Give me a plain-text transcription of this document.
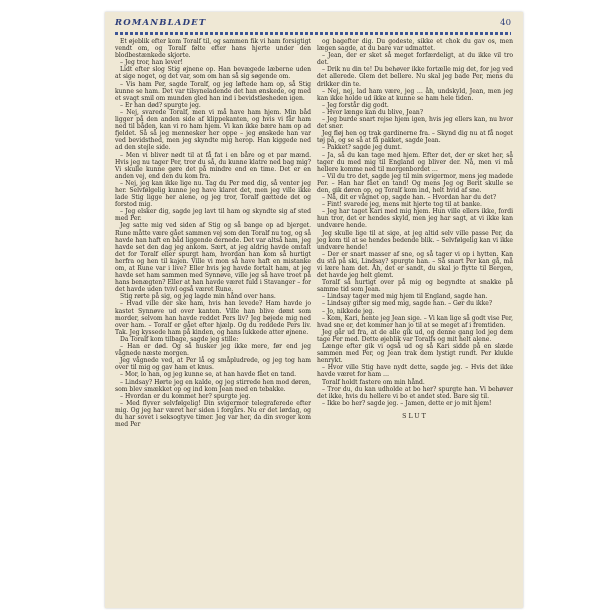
ROMANBLADET	40

Et øjeblik efter kom Toralf til, og sammen fik vi ham forsigtigt vendt om, og Toralf følte efter hans hjerte under den blodbestænkede skjorte.

– Jeg tror, han lever!

Lidt efter slog Stig øjnene op. Han bevægede læberne uden at sige noget, og det var, som om han så sig søgende om.

– Vis ham Per, sagde Toralf, og jeg løftede ham op, så Stig kunne se ham. Det var tilsyneladende det han ønskede, og med et svagt smil om munden gled han ind i bevidstløsheden igen.

– Er han død? spurgte jeg.

– Nej, svarede Toralf, men vi må have ham hjem. Min båd ligger på den anden side af klippekanten, og hvis vi får ham ned til båden, kan vi ro ham hjem. Vi kan ikke bære ham op ad fjeldet. Så så jeg mennesker her oppe – jeg ønskede han var ved bevidsthed, men jeg skyndte mig herop. Han kiggede ned ad den stejle side.

– Men vi bliver nødt til at få fat i en båre og et par mænd. Hvis jeg nu tager Per, tror du så, du kunne klatre ned bag mig? Vi skulle kunne gøre det på mindre end en time. Det er en anden vej, end den du kom fra.

– Nej, jeg kan ikke lige nu. Tag du Per med dig, så venter jeg her. Selvfølgelig kunne jeg have klaret det, men jeg ville ikke lade Stig ligge her alene, og jeg tror, Toralf gættede det og forstod mig.

– Jeg elsker dig, sagde jeg lavt til ham og skyndte sig af sted med Per.

Jeg satte mig ved siden af Stig og så bange op ad bjerget. Rune måtte være gået sammen vej som den Toralf nu tog, og så havde han haft en båd liggende dernede. Det var altså ham, jeg havde set den dag jeg ankom. Sært, at jeg aldrig havde omtalt det for Toralf eller spurgt ham, hvordan han kom så hurtigt herfra og hen til kajen. Ville vi mon så have haft en mistanke om, at Rune var i live? Eller hvis jeg havde fortalt ham, at jeg havde set ham sammen med Synnøve, ville jeg så have troet på hans benægten? Eller at han havde været fuld i Stavanger – for det havde uden tvivl også været Rune.

Stig rørte på sig, og jeg lagde min hånd over hans.

– Hvad ville der ske ham, hvis han levede? Ham havde jo kastet Synnøve ud over kanten. Ville han blive dømt som morder, selvom han havde reddet Pers liv? Jeg bøjede mig ned over ham. – Toralf er gået efter hjælp. Og du reddede Pers liv. Tak. Jeg kyssede ham på kinden, og hans lukkede atter øjnene.

Da Toralf kom tilbage, sagde jeg stille:

– Han er død. Og så husker jeg ikke mere, før end jeg vågnede næste morgen.

Jeg vågnede ved, at Per lå og småpludrede, og jeg tog ham over til mig og gav ham et knus.

– Mor, lo han, og jeg kunne se, at han havde fået en tand.

– Lindsay? Hørte jeg en kalde, og jeg stirrede hen mod døren, som blev smækket op og ind kom Jean med en tebakke.

– Hvordan er du kommet her? spurgte jeg.

– Med flyver selvfølgelig! Din svigermor telegraferede efter mig. Og jeg har været her siden i forgårs. Nu er det lørdag, og du har sovet i seksogtyve timer. Jeg var her, da din svoger kom med Per

og bagefter dig. Du godeste, sikke et chok du gav os, men lægen sagde, at du bare var udmattet.

– Jean, der er sket så meget forfærdeligt, at du ikke vil tro det.

– Drik nu din te! Du behøver ikke fortælle mig det, for jeg ved det allerede. Glem det bellere. Nu skal jeg bade Per, mens du drikker din te.

– Nej, nej, lad ham være, jeg … åh, undskyld, Jean, men jeg kan ikke holde ud ikke at kunne se ham hele tiden.

– Jeg forstår dig godt.

– Hvor længe kan du blive, Jean?

– Jeg burde snart rejse hjem igen, hvis jeg ellers kan, nu hvor det sner.

Jeg fløj hen og trak gardinerne fra. – Skynd dig nu at få noget tøj på, og se så at få pakket, sagde Jean.

– Pakket? sagde jeg dumt.

– Ja, så du kan tage med hjem. Efter det, der er sket her, så tager du med mig til England og bliver der. Nå, men vi må hellere komme ned til morgenbordet …

– Vil du tro det, sagde jeg til min svigermor, mens jeg madede Per. – Han har fået en tand! Og mens Jeg og Berit skulle se den, gik døren op, og Toralf kom ind, helt hvid af sne.

– Nå, dit er vågnet op, sagde han. – Hvordan har du det?

– Fint! svarede jeg, mens mit hjerte tog til at banke.

– Jeg har taget Kari med mig hjem. Hun ville ellers ikke, fordi hun tror, det er hendes skyld, men jeg har sagt, at vi ikke kan undvære hende.

Jeg skulle lige til at sige, at jeg altid selv ville passe Per, da jeg kom til at se hendes bedende blik. – Selvfølgelig kan vi ikke undvære hende!

– Der er snart masser af sne, og så tager vi op i hytten. Kan du stå på ski, Lindsay? spurgte han. – Så snart Per kan gå, må vi lære ham det. Åh, det er sandt, du skal jo flytte til Bergen, det havde jeg helt glemt.

Toralf så hurtigt over på mig og begyndte at snakke på samme tid som Jean.

– Lindsay tager med mig hjem til England, sagde han.

– Lindsay gifter sig med mig, sagde han. – Gør du ikke?

– Jo, nikkede jeg.

– Kom, Kari, hente jeg Jean sige. – Vi kan lige så godt vise Per, hvad sne er, det kommer han jo til at se meget af i fremtiden.

Jeg går ud fra, at de alle gik ud, og denne gang lod jeg dem tage Per med. Dette øjeblik var Toralfs og mit helt alene.

Længe efter gik vi også ud og så Kari sidde på en slæde sammen med Per, og Jean trak dem lystigt rundt. Per klukle henrykt.

– Hvor ville Stig have nydt dette, sagde jeg. – Hvis det ikke havde været for ham …

Toralf holdt fastere om min hånd.

– Tror du, du kan udholde at bo her? spurgte han. Vi behøver det ikke, hvis du hellere vi bo et andet sted. Bare sig til.

– Ikke bo her? sagde jeg. – Jamen, dette er jo mit hjem!

SLUT
